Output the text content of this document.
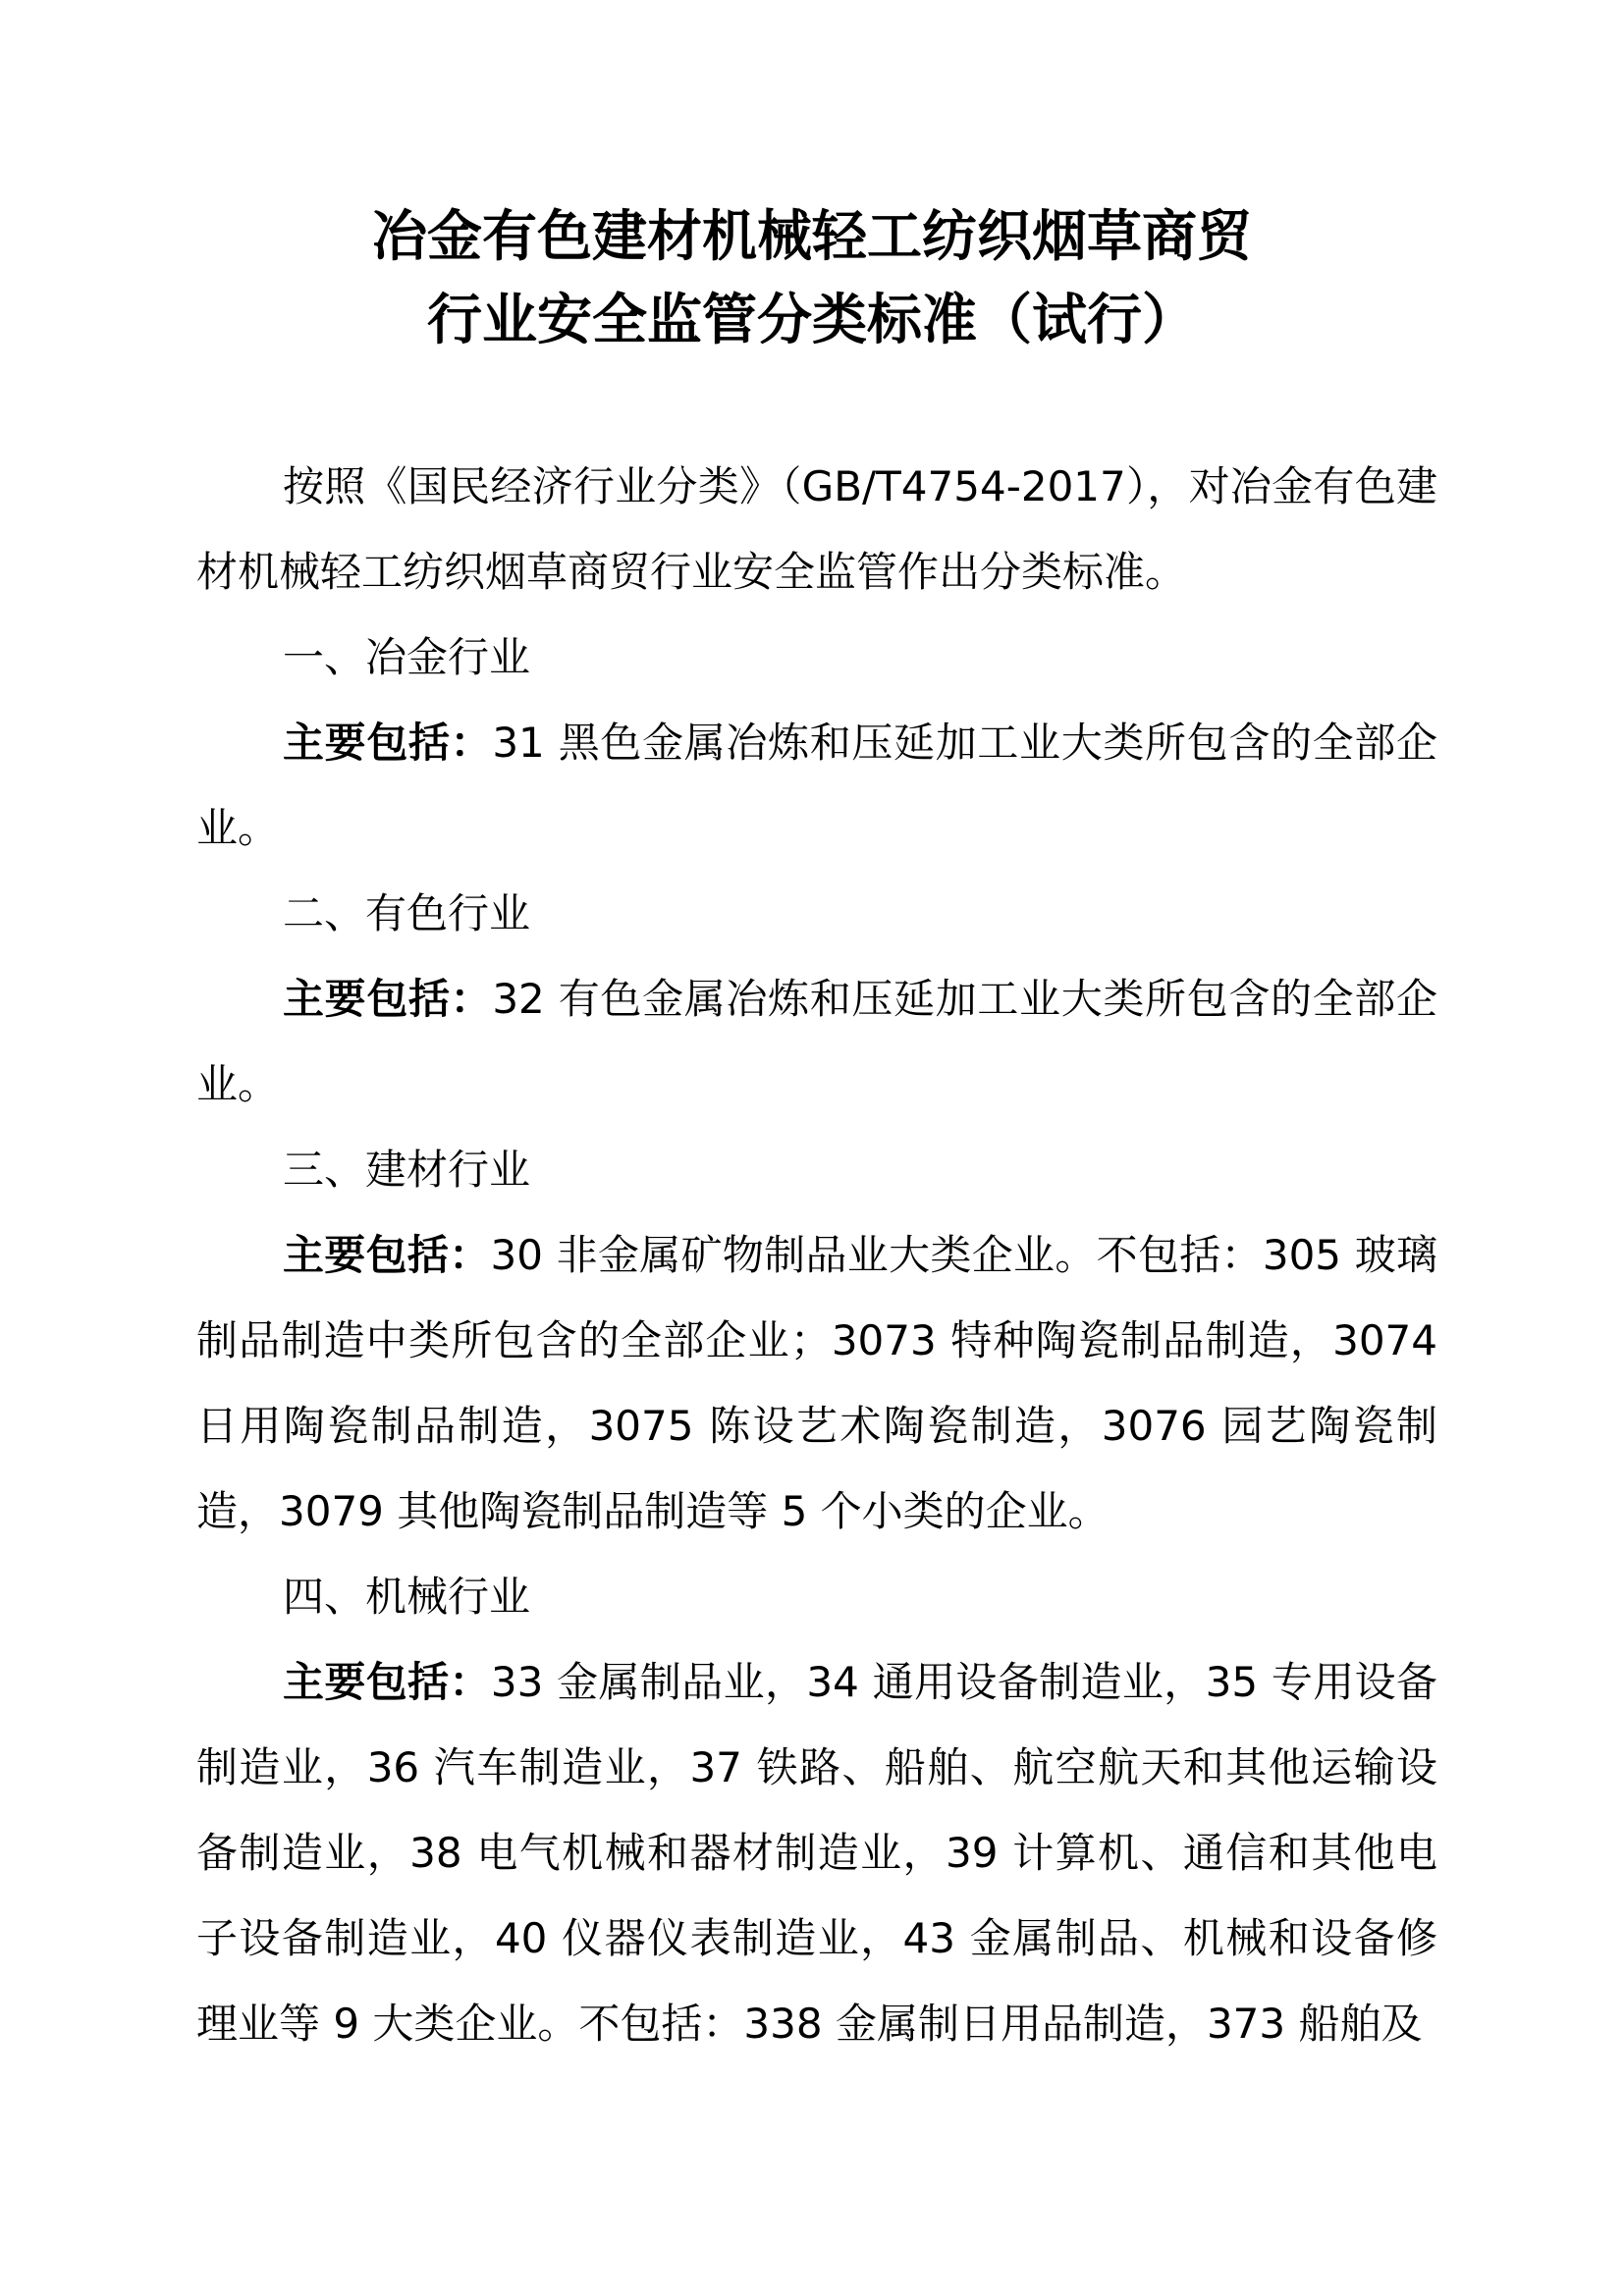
冶金有色建材机械轻工纺织烟草商贸
行业安全监管分类标准（试行）

按照《国民经济行业分类》（GB/T4754-2017），对冶金有色建材机械轻工纺织烟草商贸行业安全监管作出分类标准。

一、冶金行业

主要包括：31 黑色金属冶炼和压延加工业大类所包含的全部企业。

二、有色行业

主要包括：32 有色金属冶炼和压延加工业大类所包含的全部企业。

三、建材行业

主要包括：30 非金属矿物制品业大类企业。不包括：305 玻璃制品制造中类所包含的全部企业；3073 特种陶瓷制品制造，3074 日用陶瓷制品制造，3075 陈设艺术陶瓷制造，3076 园艺陶瓷制造，3079 其他陶瓷制品制造等 5 个小类的企业。

四、机械行业

主要包括：33 金属制品业，34 通用设备制造业，35 专用设备制造业，36 汽车制造业，37 铁路、船舶、航空航天和其他运输设备制造业，38 电气机械和器材制造业，39 计算机、通信和其他电子设备制造业，40 仪器仪表制造业，43 金属制品、机械和设备修理业等 9 大类企业。不包括：338 金属制日用品制造，373 船舶及
